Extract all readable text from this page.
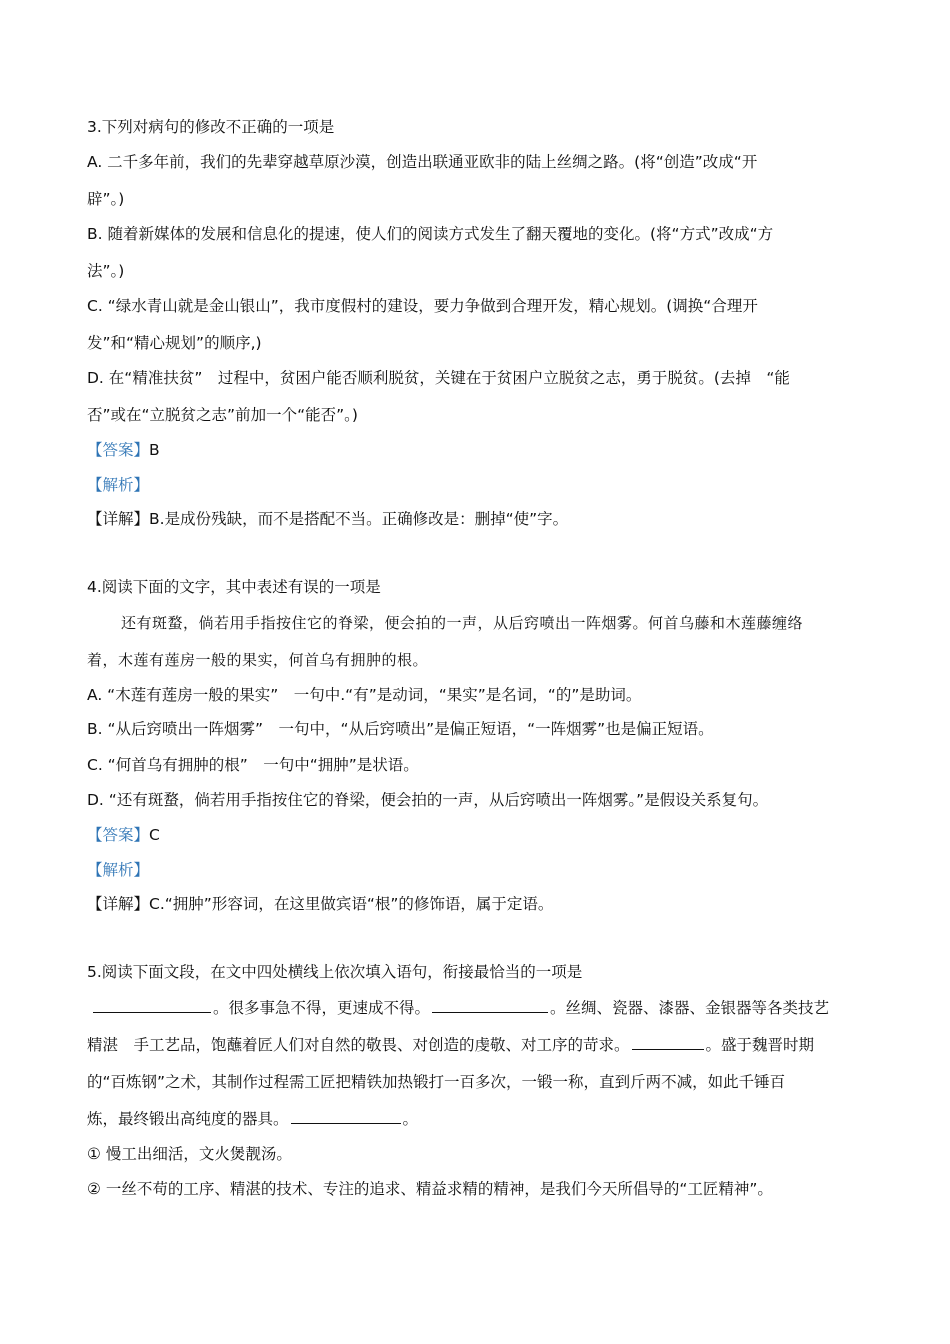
3.下列对病句的修改不正确的一项是
A. 二千多年前，我们的先辈穿越草原沙漠，创造出联通亚欧非的陆上丝绸之路。(将“创造”改成“开
辟”。)
B. 随着新媒体的发展和信息化的提速，使人们的阅读方式发生了翻天覆地的变化。(将“方式”改成“方
法”。)
C. “绿水青山就是金山银山”，我市度假村的建设，要力争做到合理开发，精心规划。(调换“合理开
发”和“精心规划”的顺序,)
D. 在“精准扶贫”　过程中，贫困户能否顺利脱贫，关键在于贫困户立脱贫之志，勇于脱贫。(去掉　“能
否”或在“立脱贫之志”前加一个“能否”。)
【答案】B
【解析】
【详解】B.是成份残缺，而不是搭配不当。正确修改是：删掉“使”字。
4.阅读下面的文字，其中表述有误的一项是
还有斑蝥，倘若用手指按住它的脊梁，便会拍的一声，从后窍喷出一阵烟雾。何首乌藤和木莲藤缠络
着，木莲有莲房一般的果实，何首乌有拥肿的根。
A. “木莲有莲房一般的果实”　一句中.“有”是动词，“果实”是名词，“的”是助词。
B. “从后窍喷出一阵烟雾”　一句中，“从后窍喷出”是偏正短语，“一阵烟雾”也是偏正短语。
C. “何首乌有拥肿的根”　一句中“拥肿”是状语。
D. “还有斑蝥，倘若用手指按住它的脊梁，便会拍的一声，从后窍喷出一阵烟雾。”是假设关系复句。
【答案】C
【解析】
【详解】C.“拥肿”形容词，在这里做宾语“根”的修饰语，属于定语。
5.阅读下面文段，在文中四处横线上依次填入语句，衔接最恰当的一项是
。很多事急不得，更速成不得。	。丝绸、瓷器、漆器、金银器等各类技艺
精湛　手工艺品，饱蘸着匠人们对自然的敬畏、对创造的虔敬、对工序的苛求。	。盛于魏晋时期
的“百炼钢”之术，其制作过程需工匠把精铁加热锻打一百多次，一锻一称，直到斤两不减，如此千锤百
炼，最终锻出高纯度的器具。	。
① 慢工出细活，文火煲靓汤。
② 一丝不苟的工序、精湛的技术、专注的追求、精益求精的精神，是我们今天所倡导的“工匠精神”。
